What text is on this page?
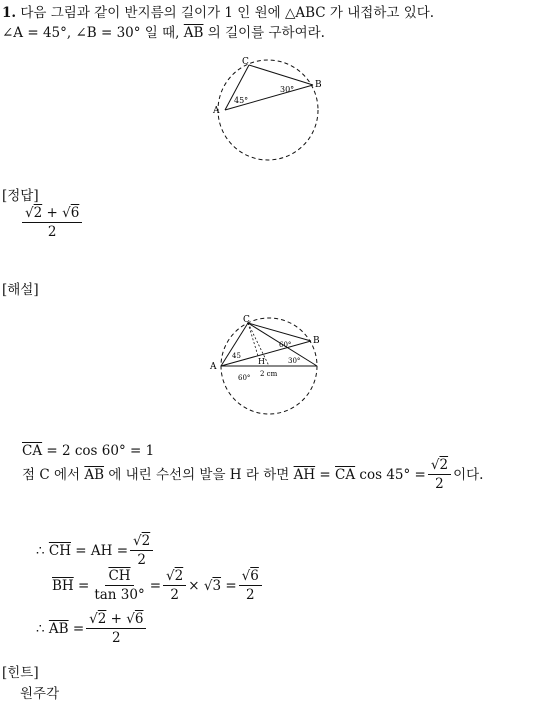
1. 다음 그림과 같이 반지름의 길이가 1 인 원에 △ABC 가 내접하고 있다.
∠A = 45°, ∠B = 30° 일 때, $\overline{AB}$ 의 길이를 구하여라.
A
B
C
45°
30°
[정답]
$\frac{√2 + √6}{2}$
[해설]
A
B
C
H
45
60°
30°
60° 2 cm
$\overline{CA} = 2$ cos 60° = 1
점 C 에서
$\overline{AB}$
에 내린 수선의 발을 H 라 하면
$\overline{AH}$
=
$\overline{CA}$
$\cos 45^\circ = \frac{√2}{2}$ 이다.
∴
$\overline{CH}$
= AH = $\frac{√2}{2}$
$\overline{BH}$
= $\frac{\overline{CH}}{\tan 30^\circ} = \frac{√2}{2}$ × √ 3
= $\frac{√6}{2}$
∴
$\overline{AB}$
= $\frac{√2 + √6}{2}$
[힌트]
원주각
